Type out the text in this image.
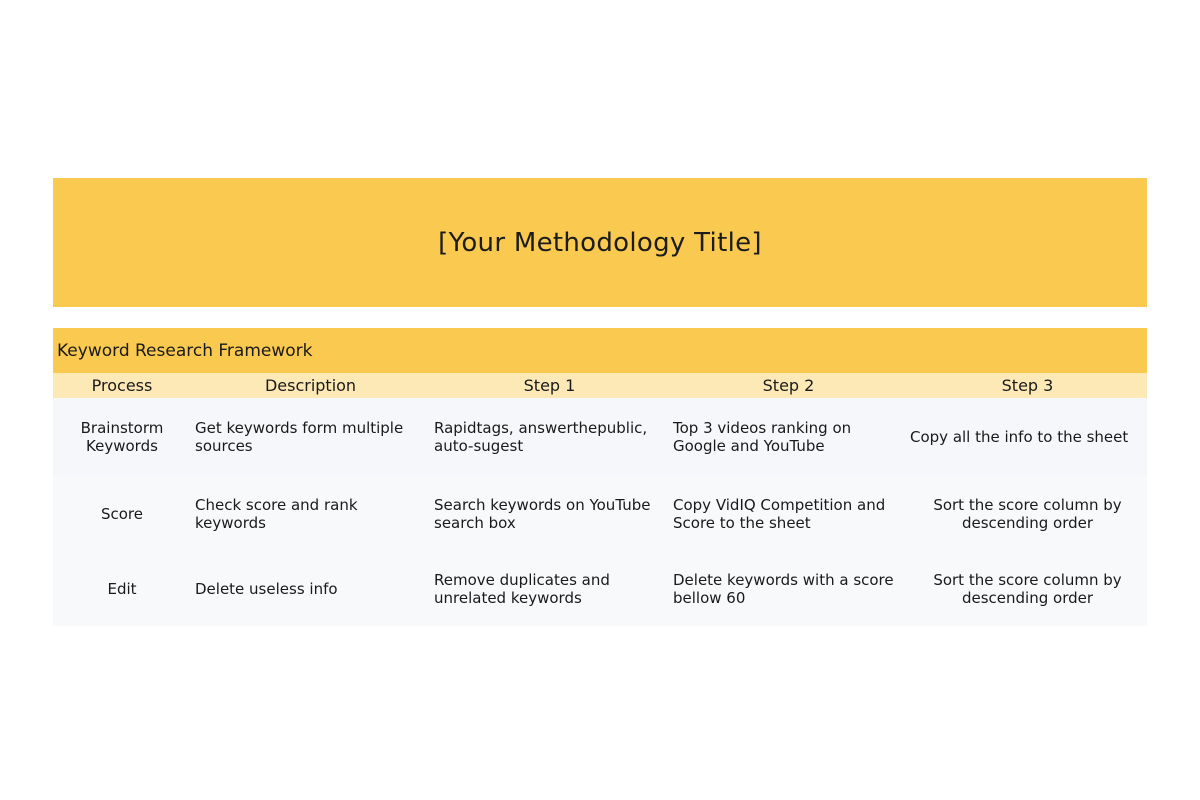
[Your Methodology Title]
Keyword Research Framework
Process	Description	Step 1	Step 2	Step 3
Brainstorm Keywords	Get keywords form multiple sources	Rapidtags, answerthepublic, auto-sugest	Top 3 videos ranking on Google and YouTube	Copy all the info to the sheet
Score	Check score and rank keywords	Search keywords on YouTube search box	Copy VidIQ Competition and Score to the sheet	Sort the score column by descending order
Edit	Delete useless info	Remove duplicates and unrelated keywords	Delete keywords with a score bellow 60	Sort the score column by descending order
